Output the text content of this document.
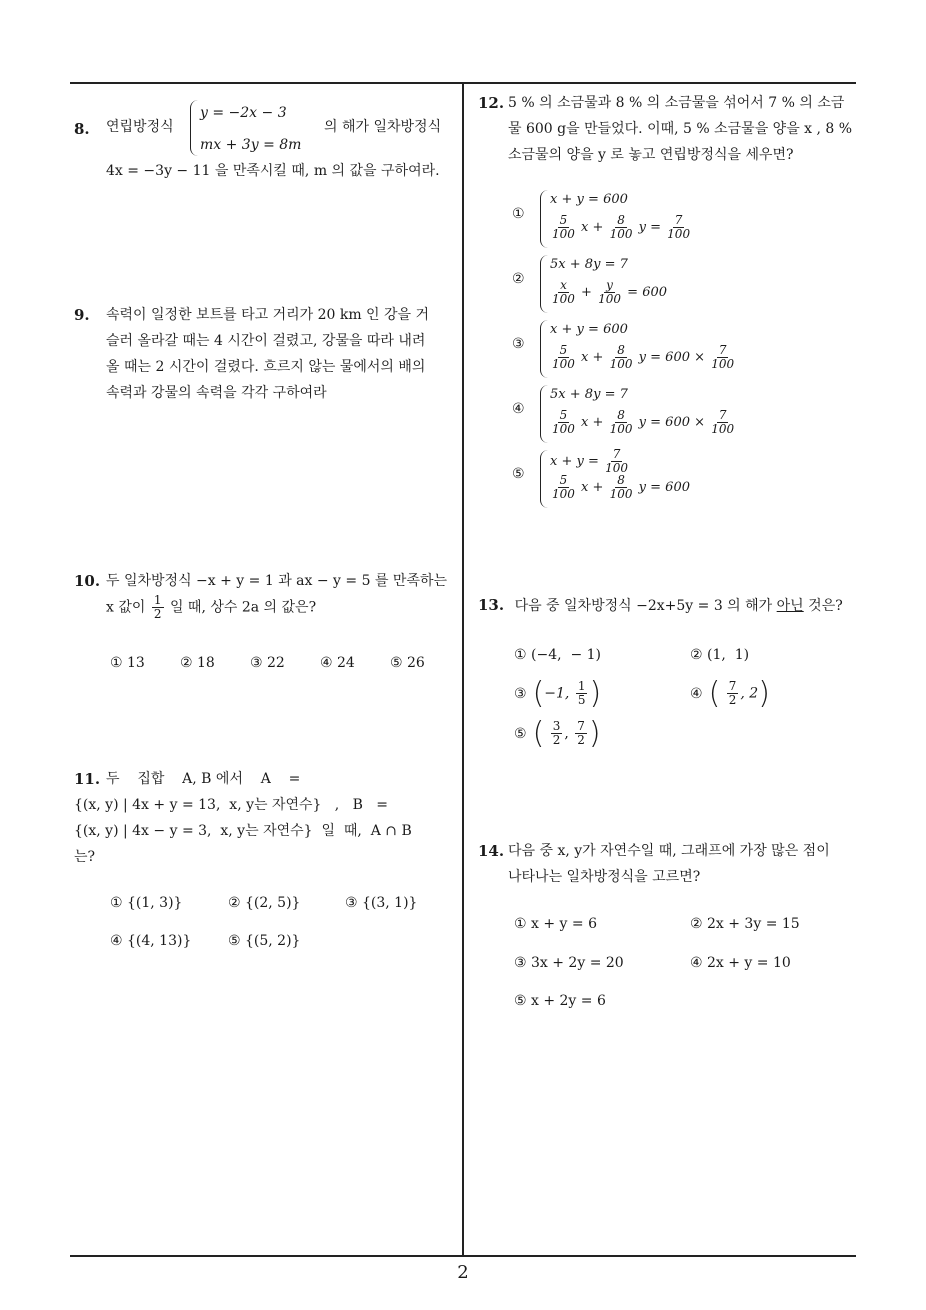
8. 연립방정식
y = −2x − 3
mx + 3y = 8m
의 해가 일차방정식
4x = −3y − 11 을 만족시킬 때, m 의 값을 구하여라.
9. 속력이 일정한 보트를 타고 거리가 20 km 인 강을 거
슬러 올라갈 때는 4 시간이 걸렸고, 강물을 따라 내려
올 때는 2 시간이 걸렸다. 흐르지 않는 물에서의 배의
속력과 강물의 속력을 각각 구하여라
10. 두 일차방정식 −x + y = 1 과 ax − y = 5 를 만족하는
x 값이 $\frac{1}{2}$ 일 때, 상수 2a 의 값은?
① 13	② 18	③ 22	④ 24	⑤ 26
11. 두    집합    A, B 에서    A    =
{(x, y) | 4x + y = 13,  x, y는 자연수}   ,   B   =
{(x, y) | 4x − y = 3,  x, y는 자연수}  일  때,  A ∩ B
는?
① {(1, 3)}	② {(2, 5)}	③ {(3, 1)}
④ {(4, 13)}	⑤ {(5, 2)}
12. 5 % 의 소금물과 8 % 의 소금물을 섞어서 7 % 의 소금
물 600 g을 만들었다. 이때, 5 % 소금물을 양을 x , 8 %
소금물의 양을 y 로 놓고 연립방정식을 세우면?
①
x + y = 600
$\frac{5}{100}$ $x + \frac{8}{100}$ $y = \frac{7}{100}$
②
5x + 8y = 7
$\frac{x}{100} + \frac{y}{100} = 600$
③
x + y = 600
$\frac{5}{100}$ $x + \frac{8}{100}$ $y = 600 \times \frac{7}{100}$
④
5x + 8y = 7
$\frac{5}{100}$ $x + \frac{8}{100}$ $y = 600 \times \frac{7}{100}$
⑤
$x + y = \frac{7}{100}$
$\frac{5}{100}$ $x + \frac{8}{100}$ y = 600
13. 다음 중 일차방정식 −2x+5y = 3 의 해가 아닌 것은?
① (−4,  − 1)	② (1,  1)
③ (−1, $\frac{1}{5}$ )	④ ( $\frac{7}{2}$ , 2)
⑤ ( $\frac{3}{2}$ , $\frac{7}{2}$ )
14. 다음 중 x, y가 자연수일 때, 그래프에 가장 많은 점이
나타나는 일차방정식을 고르면?
① x + y = 6	② 2x + 3y = 15
③ 3x + 2y = 20	④ 2x + y = 10
⑤ x + 2y = 6
2
